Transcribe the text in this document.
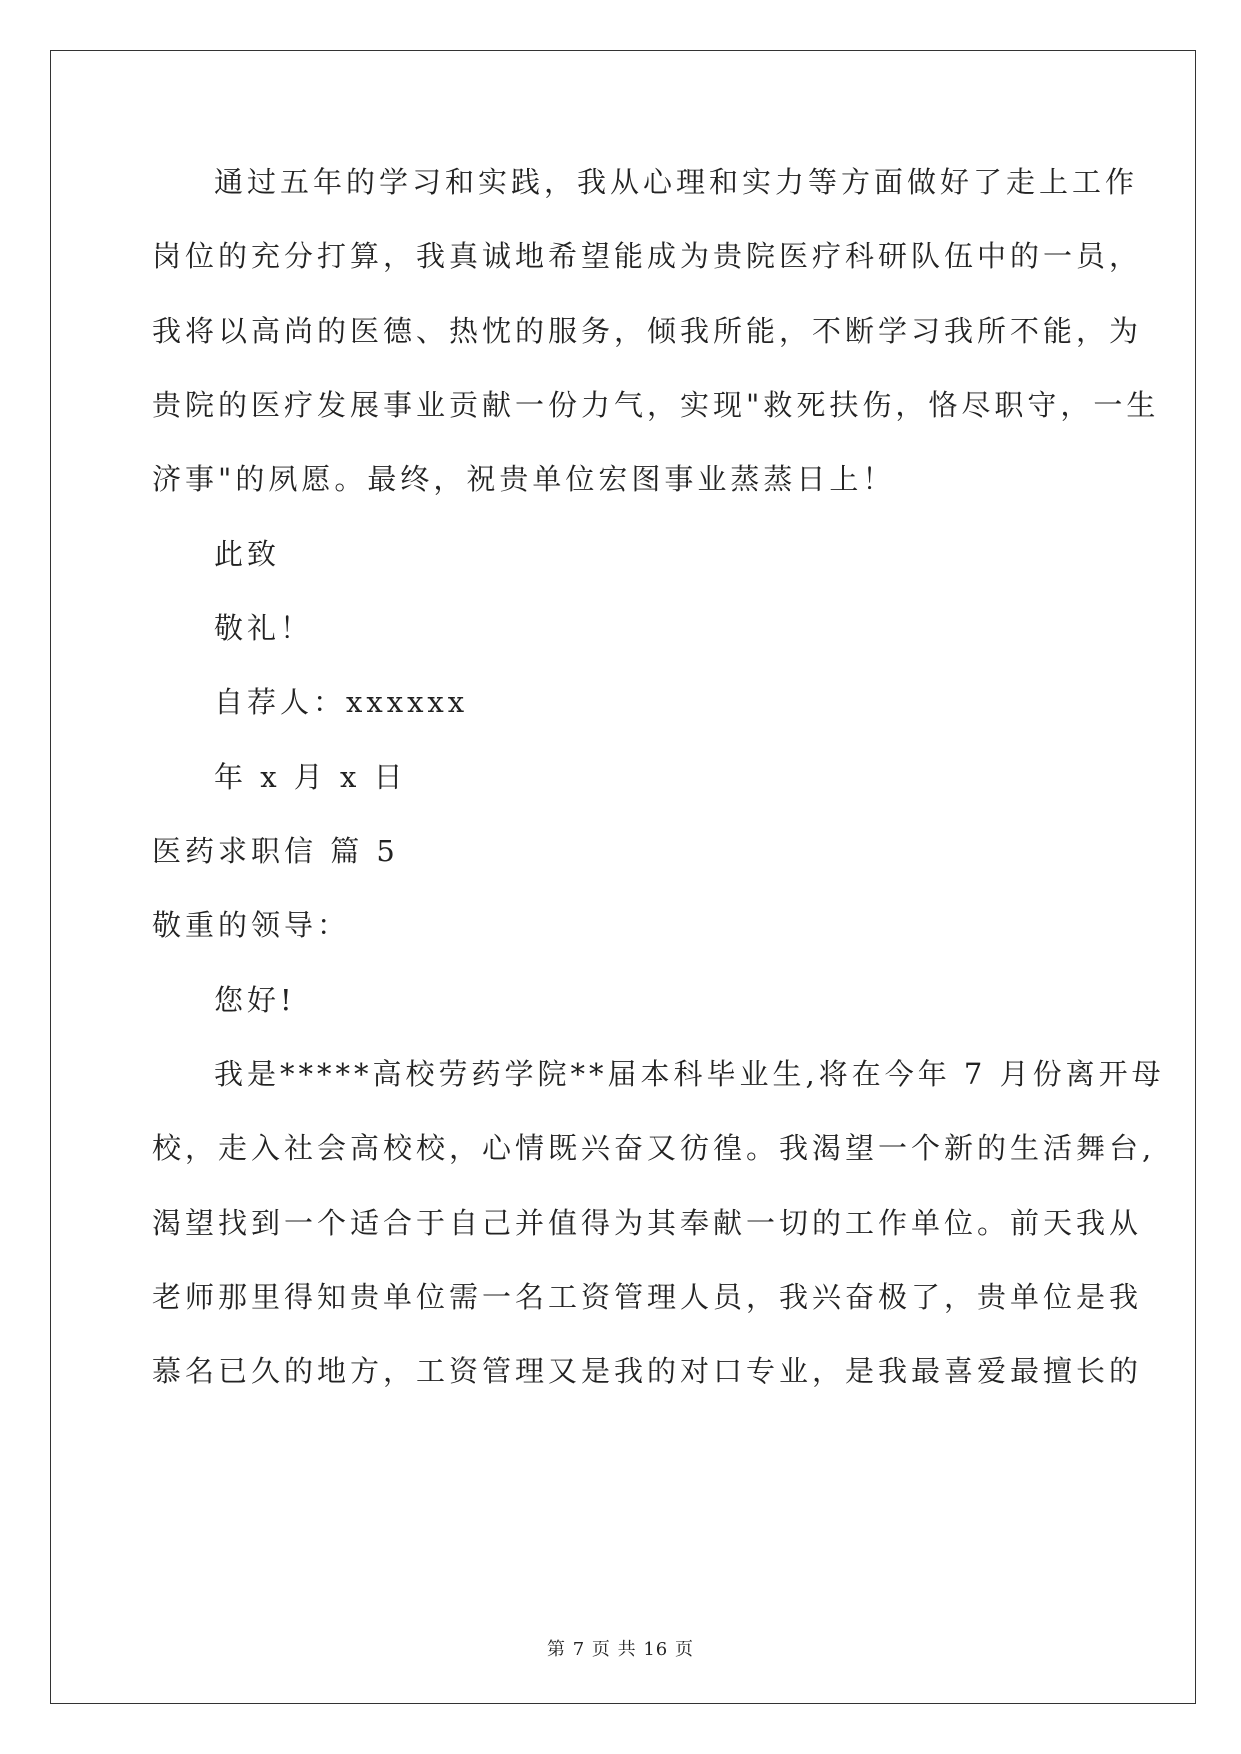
通过五年的学习和实践，我从心理和实力等方面做好了走上工作
岗位的充分打算，我真诚地希望能成为贵院医疗科研队伍中的一员，
我将以高尚的医德、热忱的服务，倾我所能，不断学习我所不能，为
贵院的医疗发展事业贡献一份力气，实现"救死扶伤，恪尽职守，一生
济事"的夙愿。最终，祝贵单位宏图事业蒸蒸日上！
此致
敬礼！
自荐人：xxxxxx
年 x 月 x 日
医药求职信 篇 5
敬重的领导：
您好!
我是*****高校劳药学院**届本科毕业生,将在今年 7 月份离开母
校，走入社会高校校，心情既兴奋又彷徨。我渴望一个新的生活舞台,
渴望找到一个适合于自己并值得为其奉献一切的工作单位。前天我从
老师那里得知贵单位需一名工资管理人员，我兴奋极了，贵单位是我
慕名已久的地方，工资管理又是我的对口专业，是我最喜爱最擅长的
第 7 页 共 16 页
